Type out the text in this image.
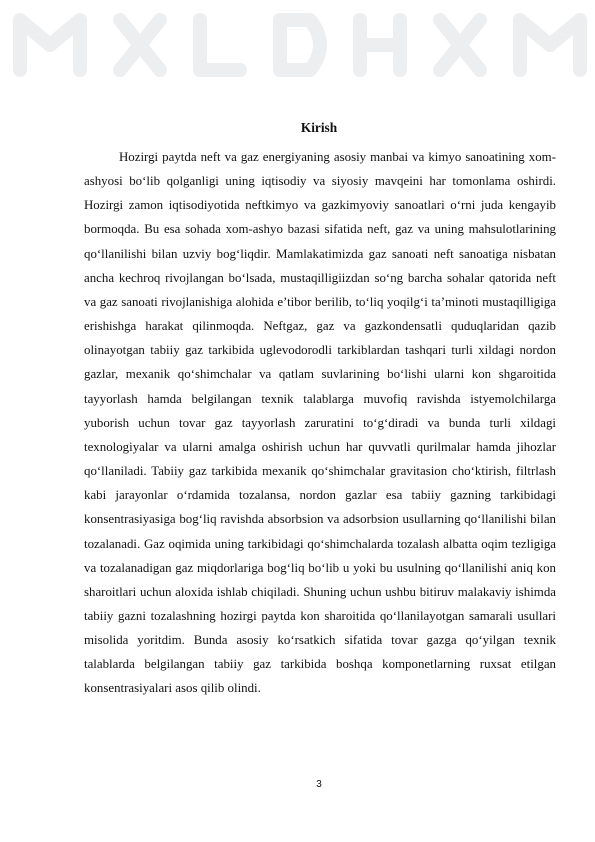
Kirish

Hozirgi paytda neft va gaz energiyaning asosiy manbai va kimyo sanoatining xom-ashyosi bo‘lib qolganligi uning iqtisodiy va siyosiy mavqeini har tomonlama oshirdi. Hozirgi zamon iqtisodiyotida neftkimyo va gazkimyoviy sanoatlari o‘rni juda kengayib bormoqda. Bu esa sohada xom-ashyo bazasi sifatida neft, gaz va uning mahsulotlarining qo‘llanilishi bilan uzviy bog‘liqdir. Mamlakatimizda gaz sanoati neft sanoatiga nisbatan ancha kechroq rivojlangan bo‘lsada, mustaqilligiizdan so‘ng barcha sohalar qatorida neft va gaz sanoati rivojlanishiga alohida e’tibor berilib, to‘liq yoqilg‘i ta’minoti mustaqilligiga erishishga harakat qilinmoqda. Neftgaz, gaz va gazkondensatli quduqlaridan qazib olinayotgan tabiiy gaz tarkibida uglevodorodli tarkiblardan tashqari turli xildagi nordon gazlar, mexanik qo‘shimchalar va qatlam suvlarining bo‘lishi ularni kon shgaroitida tayyorlash hamda belgilangan texnik talablarga muvofiq ravishda istyemolchilarga yuborish uchun tovar gaz tayyorlash zaruratini to‘g‘diradi va bunda turli xildagi texnologiyalar va ularni amalga oshirish uchun har quvvatli qurilmalar hamda jihozlar qo‘llaniladi. Tabiiy gaz tarkibida mexanik qo‘shimchalar gravitasion cho‘ktirish, filtrlash kabi jarayonlar o‘rdamida tozalansa, nordon gazlar esa tabiiy gazning tarkibidagi konsentrasiyasiga bog‘liq ravishda absorbsion va adsorbsion usullarning qo‘llanilishi bilan tozalanadi. Gaz oqimida uning tarkibidagi qo‘shimchalarda tozalash albatta oqim tezligiga va tozalanadigan gaz miqdorlariga bog‘liq bo‘lib u yoki bu usulning qo‘llanilishi aniq kon sharoitlari uchun aloxida ishlab chiqiladi. Shuning uchun ushbu bitiruv malakaviy ishimda tabiiy gazni tozalashning hozirgi paytda kon sharoitida qo‘llanilayotgan samarali usullari misolida yoritdim. Bunda asosiy ko‘rsatkich sifatida tovar gazga qo‘yilgan texnik talablarda belgilangan tabiiy gaz tarkibida boshqa komponetlarning ruxsat etilgan konsentrasiyalari asos qilib olindi.

3
